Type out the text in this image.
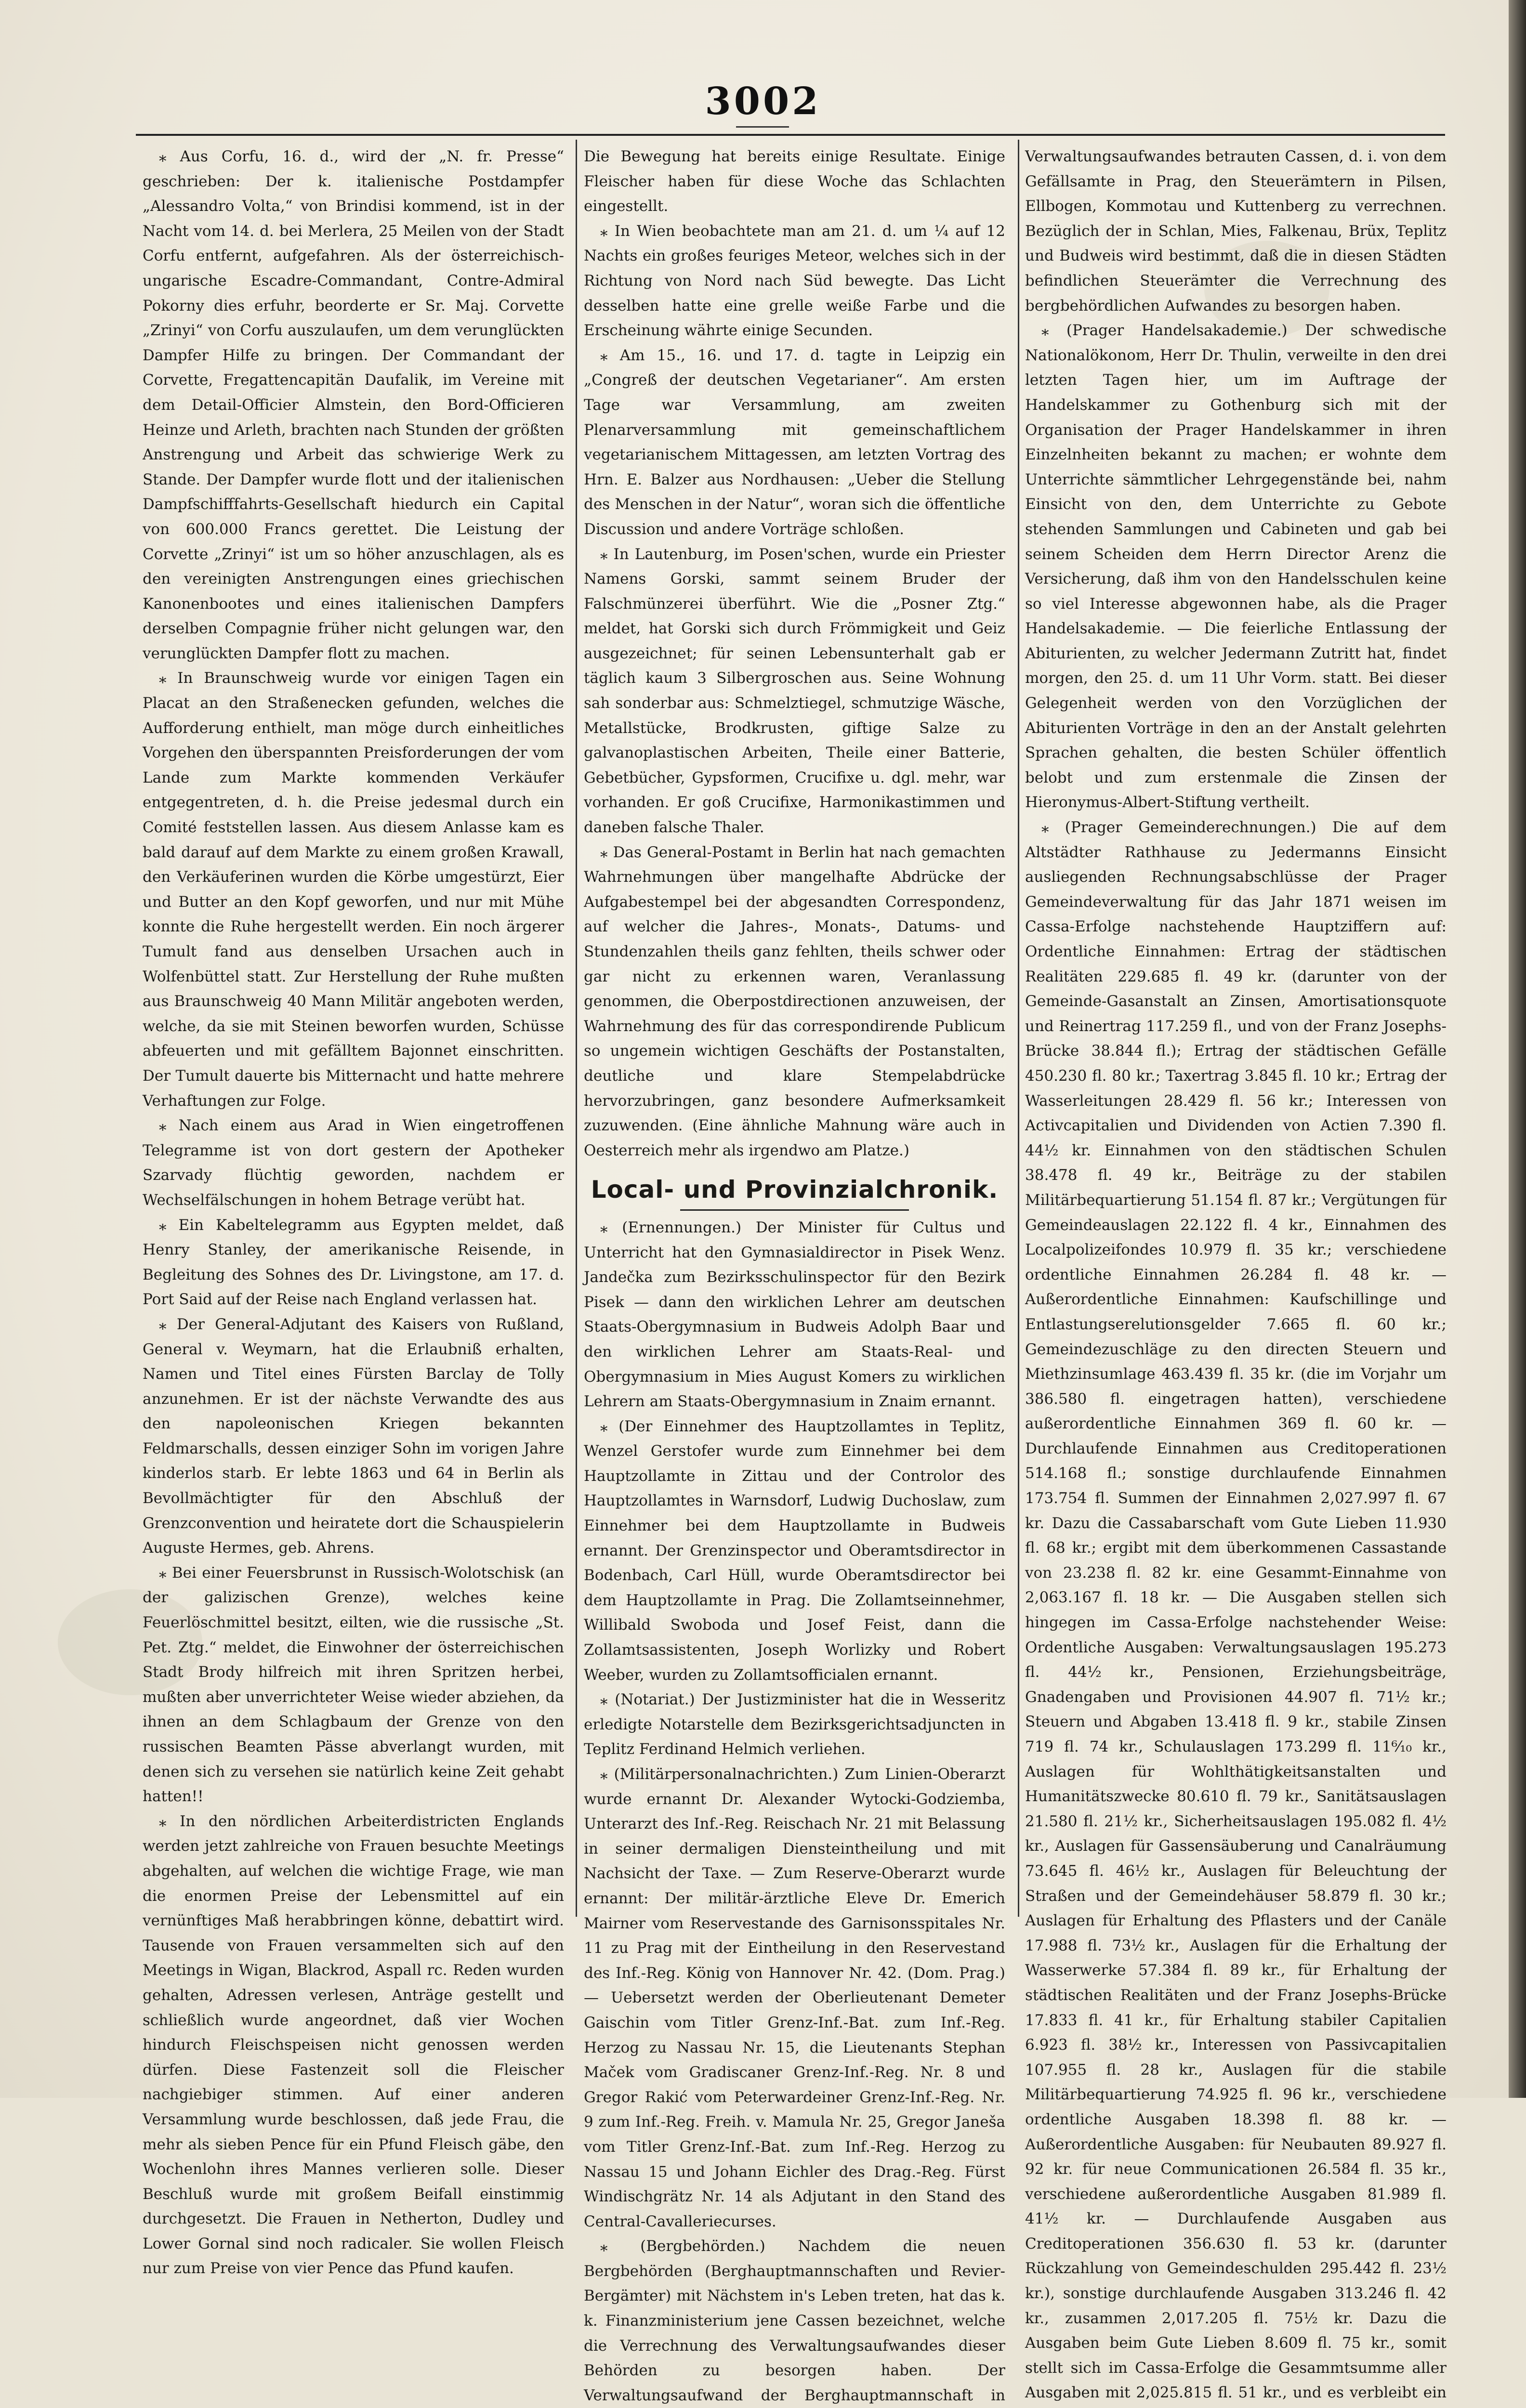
3002

⁎ Aus Corfu, 16. d., wird der „N. fr. Presse“ geschrieben: Der k. italienische Postdampfer „Alessandro Volta,“ von Brindisi kommend, ist in der Nacht vom 14. d. bei Merlera, 25 Meilen von der Stadt Corfu entfernt, aufgefahren. Als der österreichisch-ungarische Escadre-Commandant, Contre-Admiral Pokorny dies erfuhr, beorderte er Sr. Maj. Corvette „Zrinyi“ von Corfu auszulaufen, um dem verunglückten Dampfer Hilfe zu bringen. Der Commandant der Corvette, Fregattencapitän Daufalik, im Vereine mit dem Detail-Officier Almstein, den Bord-Officieren Heinze und Arleth, brachten nach Stunden der größten Anstrengung und Arbeit das schwierige Werk zu Stande. Der Dampfer wurde flott und der italienischen Dampfschifffahrts-Gesellschaft hiedurch ein Capital von 600.000 Francs gerettet. Die Leistung der Corvette „Zrinyi“ ist um so höher anzuschlagen, als es den vereinigten Anstrengungen eines griechischen Kanonenbootes und eines italienischen Dampfers derselben Compagnie früher nicht gelungen war, den verunglückten Dampfer flott zu machen.

⁎ In Braunschweig wurde vor einigen Tagen ein Placat an den Straßenecken gefunden, welches die Aufforderung enthielt, man möge durch einheitliches Vorgehen den überspannten Preisforderungen der vom Lande zum Markte kommenden Verkäufer entgegentreten, d. h. die Preise jedesmal durch ein Comité feststellen lassen. Aus diesem Anlasse kam es bald darauf auf dem Markte zu einem großen Krawall, den Verkäuferinen wurden die Körbe umgestürzt, Eier und Butter an den Kopf geworfen, und nur mit Mühe konnte die Ruhe hergestellt werden. Ein noch ärgerer Tumult fand aus denselben Ursachen auch in Wolfenbüttel statt. Zur Herstellung der Ruhe mußten aus Braunschweig 40 Mann Militär angeboten werden, welche, da sie mit Steinen beworfen wurden, Schüsse abfeuerten und mit gefälltem Bajonnet einschritten. Der Tumult dauerte bis Mitternacht und hatte mehrere Verhaftungen zur Folge.

⁎ Nach einem aus Arad in Wien eingetroffenen Telegramme ist von dort gestern der Apotheker Szarvady flüchtig geworden, nachdem er Wechselfälschungen in hohem Betrage verübt hat.

⁎ Ein Kabeltelegramm aus Egypten meldet, daß Henry Stanley, der amerikanische Reisende, in Begleitung des Sohnes des Dr. Livingstone, am 17. d. Port Said auf der Reise nach England verlassen hat.

⁎ Der General-Adjutant des Kaisers von Rußland, General v. Weymarn, hat die Erlaubniß erhalten, Namen und Titel eines Fürsten Barclay de Tolly anzunehmen. Er ist der nächste Verwandte des aus den napoleonischen Kriegen bekannten Feldmarschalls, dessen einziger Sohn im vorigen Jahre kinderlos starb. Er lebte 1863 und 64 in Berlin als Bevollmächtigter für den Abschluß der Grenzconvention und heiratete dort die Schauspielerin Auguste Hermes, geb. Ahrens.

⁎ Bei einer Feuersbrunst in Russisch-Wolotschisk (an der galizischen Grenze), welches keine Feuerlöschmittel besitzt, eilten, wie die russische „St. Pet. Ztg.“ meldet, die Einwohner der österreichischen Stadt Brody hilfreich mit ihren Spritzen herbei, mußten aber unverrichteter Weise wieder abziehen, da ihnen an dem Schlagbaum der Grenze von den russischen Beamten Pässe abverlangt wurden, mit denen sich zu versehen sie natürlich keine Zeit gehabt hatten!!

⁎ In den nördlichen Arbeiterdistricten Englands werden jetzt zahlreiche von Frauen besuchte Meetings abgehalten, auf welchen die wichtige Frage, wie man die enormen Preise der Lebensmittel auf ein vernünftiges Maß herabbringen könne, debattirt wird. Tausende von Frauen versammelten sich auf den Meetings in Wigan, Blackrod, Aspall rc. Reden wurden gehalten, Adressen verlesen, Anträge gestellt und schließlich wurde angeordnet, daß vier Wochen hindurch Fleischspeisen nicht genossen werden dürfen. Diese Fastenzeit soll die Fleischer nachgiebiger stimmen. Auf einer anderen Versammlung wurde beschlossen, daß jede Frau, die mehr als sieben Pence für ein Pfund Fleisch gäbe, den Wochenlohn ihres Mannes verlieren solle. Dieser Beschluß wurde mit großem Beifall einstimmig durchgesetzt. Die Frauen in Netherton, Dudley und Lower Gornal sind noch radicaler. Sie wollen Fleisch nur zum Preise von vier Pence das Pfund kaufen.

Die Bewegung hat bereits einige Resultate. Einige Fleischer haben für diese Woche das Schlachten eingestellt.

⁎ In Wien beobachtete man am 21. d. um ¼ auf 12 Nachts ein großes feuriges Meteor, welches sich in der Richtung von Nord nach Süd bewegte. Das Licht desselben hatte eine grelle weiße Farbe und die Erscheinung währte einige Secunden.

⁎ Am 15., 16. und 17. d. tagte in Leipzig ein „Congreß der deutschen Vegetarianer“. Am ersten Tage war Versammlung, am zweiten Plenarversammlung mit gemeinschaftlichem vegetarianischem Mittagessen, am letzten Vortrag des Hrn. E. Balzer aus Nordhausen: „Ueber die Stellung des Menschen in der Natur“, woran sich die öffentliche Discussion und andere Vorträge schloßen.

⁎ In Lautenburg, im Posen'schen, wurde ein Priester Namens Gorski, sammt seinem Bruder der Falschmünzerei überführt. Wie die „Posner Ztg.“ meldet, hat Gorski sich durch Frömmigkeit und Geiz ausgezeichnet; für seinen Lebensunterhalt gab er täglich kaum 3 Silbergroschen aus. Seine Wohnung sah sonderbar aus: Schmelztiegel, schmutzige Wäsche, Metallstücke, Brodkrusten, giftige Salze zu galvanoplastischen Arbeiten, Theile einer Batterie, Gebetbücher, Gypsformen, Crucifixe u. dgl. mehr, war vorhanden. Er goß Crucifixe, Harmonikastimmen und daneben falsche Thaler.

⁎ Das General-Postamt in Berlin hat nach gemachten Wahrnehmungen über mangelhafte Abdrücke der Aufgabestempel bei der abgesandten Correspondenz, auf welcher die Jahres-, Monats-, Datums- und Stundenzahlen theils ganz fehlten, theils schwer oder gar nicht zu erkennen waren, Veranlassung genommen, die Oberpostdirectionen anzuweisen, der Wahrnehmung des für das correspondirende Publicum so ungemein wichtigen Geschäfts der Postanstalten, deutliche und klare Stempelabdrücke hervorzubringen, ganz besondere Aufmerksamkeit zuzuwenden. (Eine ähnliche Mahnung wäre auch in Oesterreich mehr als irgendwo am Platze.)

Local- und Provinzialchronik.

⁎ (Ernennungen.) Der Minister für Cultus und Unterricht hat den Gymnasialdirector in Pisek Wenz. Jandečka zum Bezirksschulinspector für den Bezirk Pisek — dann den wirklichen Lehrer am deutschen Staats-Obergymnasium in Budweis Adolph Baar und den wirklichen Lehrer am Staats-Real- und Obergymnasium in Mies August Komers zu wirklichen Lehrern am Staats-Obergymnasium in Znaim ernannt.

⁎ (Der Einnehmer des Hauptzollamtes in Teplitz, Wenzel Gerstofer wurde zum Einnehmer bei dem Hauptzollamte in Zittau und der Controlor des Hauptzollamtes in Warnsdorf, Ludwig Duchoslaw, zum Einnehmer bei dem Hauptzollamte in Budweis ernannt. Der Grenzinspector und Oberamtsdirector in Bodenbach, Carl Hüll, wurde Oberamtsdirector bei dem Hauptzollamte in Prag. Die Zollamtseinnehmer, Willibald Swoboda und Josef Feist, dann die Zollamtsassistenten, Joseph Worlizky und Robert Weeber, wurden zu Zollamtsofficialen ernannt.

⁎ (Notariat.) Der Justizminister hat die in Wesseritz erledigte Notarstelle dem Bezirksgerichtsadjuncten in Teplitz Ferdinand Helmich verliehen.

⁎ (Militärpersonalnachrichten.) Zum Linien-Oberarzt wurde ernannt Dr. Alexander Wytocki-Godziemba, Unterarzt des Inf.-Reg. Reischach Nr. 21 mit Belassung in seiner dermaligen Diensteintheilung und mit Nachsicht der Taxe. — Zum Reserve-Oberarzt wurde ernannt: Der militär-ärztliche Eleve Dr. Emerich Mairner vom Reservestande des Garnisonsspitales Nr. 11 zu Prag mit der Eintheilung in den Reservestand des Inf.-Reg. König von Hannover Nr. 42. (Dom. Prag.) — Uebersetzt werden der Oberlieutenant Demeter Gaischin vom Titler Grenz-Inf.-Bat. zum Inf.-Reg. Herzog zu Nassau Nr. 15, die Lieutenants Stephan Maček vom Gradiscaner Grenz-Inf.-Reg. Nr. 8 und Gregor Rakić vom Peterwardeiner Grenz-Inf.-Reg. Nr. 9 zum Inf.-Reg. Freih. v. Mamula Nr. 25, Gregor Janeša vom Titler Grenz-Inf.-Bat. zum Inf.-Reg. Herzog zu Nassau 15 und Johann Eichler des Drag.-Reg. Fürst Windischgrätz Nr. 14 als Adjutant in den Stand des Central-Cavalleriecurses.

⁎ (Bergbehörden.) Nachdem die neuen Bergbehörden (Berghauptmannschaften und Revier-Bergämter) mit Nächstem in's Leben treten, hat das k. k. Finanzministerium jene Cassen bezeichnet, welche die Verrechnung des Verwaltungsaufwandes dieser Behörden zu besorgen haben. Der Verwaltungsaufwand der Berghauptmannschaft in

Verwaltungsaufwandes betrauten Cassen, d. i. von dem Gefällsamte in Prag, den Steuerämtern in Pilsen, Ellbogen, Kommotau und Kuttenberg zu verrechnen. Bezüglich der in Schlan, Mies, Falkenau, Brüx, Teplitz und Budweis wird bestimmt, daß die in diesen Städten befindlichen Steuerämter die Verrechnung des bergbehördlichen Aufwandes zu besorgen haben.

⁎ (Prager Handelsakademie.) Der schwedische Nationalökonom, Herr Dr. Thulin, verweilte in den drei letzten Tagen hier, um im Auftrage der Handelskammer zu Gothenburg sich mit der Organisation der Prager Handelskammer in ihren Einzelnheiten bekannt zu machen; er wohnte dem Unterrichte sämmtlicher Lehrgegenstände bei, nahm Einsicht von den, dem Unterrichte zu Gebote stehenden Sammlungen und Cabineten und gab bei seinem Scheiden dem Herrn Director Arenz die Versicherung, daß ihm von den Handelsschulen keine so viel Interesse abgewonnen habe, als die Prager Handelsakademie. — Die feierliche Entlassung der Abiturienten, zu welcher Jedermann Zutritt hat, findet morgen, den 25. d. um 11 Uhr Vorm. statt. Bei dieser Gelegenheit werden von den Vorzüglichen der Abiturienten Vorträge in den an der Anstalt gelehrten Sprachen gehalten, die besten Schüler öffentlich belobt und zum erstenmale die Zinsen der Hieronymus-Albert-Stiftung vertheilt.

⁎ (Prager Gemeinderechnungen.) Die auf dem Altstädter Rathhause zu Jedermanns Einsicht ausliegenden Rechnungsabschlüsse der Prager Gemeindeverwaltung für das Jahr 1871 weisen im Cassa-Erfolge nachstehende Hauptziffern auf: Ordentliche Einnahmen: Ertrag der städtischen Realitäten 229.685 fl. 49 kr. (darunter von der Gemeinde-Gasanstalt an Zinsen, Amortisationsquote und Reinertrag 117.259 fl., und von der Franz Josephs-Brücke 38.844 fl.); Ertrag der städtischen Gefälle 450.230 fl. 80 kr.; Taxertrag 3.845 fl. 10 kr.; Ertrag der Wasserleitungen 28.429 fl. 56 kr.; Interessen von Activcapitalien und Dividenden von Actien 7.390 fl. 44½ kr. Einnahmen von den städtischen Schulen 38.478 fl. 49 kr., Beiträge zu der stabilen Militärbequartierung 51.154 fl. 87 kr.; Vergütungen für Gemeindeauslagen 22.122 fl. 4 kr., Einnahmen des Localpolizeifondes 10.979 fl. 35 kr.; verschiedene ordentliche Einnahmen 26.284 fl. 48 kr. — Außerordentliche Einnahmen: Kaufschillinge und Entlastungserelutionsgelder 7.665 fl. 60 kr.; Gemeindezuschläge zu den directen Steuern und Miethzinsumlage 463.439 fl. 35 kr. (die im Vorjahr um 386.580 fl. eingetragen hatten), verschiedene außerordentliche Einnahmen 369 fl. 60 kr. — Durchlaufende Einnahmen aus Creditoperationen 514.168 fl.; sonstige durchlaufende Einnahmen 173.754 fl. Summen der Einnahmen 2,027.997 fl. 67 kr. Dazu die Cassabarschaft vom Gute Lieben 11.930 fl. 68 kr.; ergibt mit dem überkommenen Cassastande von 23.238 fl. 82 kr. eine Gesammt-Einnahme von 2,063.167 fl. 18 kr. — Die Ausgaben stellen sich hingegen im Cassa-Erfolge nachstehender Weise: Ordentliche Ausgaben: Verwaltungsauslagen 195.273 fl. 44½ kr., Pensionen, Erziehungsbeiträge, Gnadengaben und Provisionen 44.907 fl. 71½ kr.; Steuern und Abgaben 13.418 fl. 9 kr., stabile Zinsen 719 fl. 74 kr., Schulauslagen 173.299 fl. 11⁶⁄₁₀ kr., Auslagen für Wohlthätigkeitsanstalten und Humanitätszwecke 80.610 fl. 79 kr., Sanitätsauslagen 21.580 fl. 21½ kr., Sicherheitsauslagen 195.082 fl. 4½ kr., Auslagen für Gassensäuberung und Canalräumung 73.645 fl. 46½ kr., Auslagen für Beleuchtung der Straßen und der Gemeindehäuser 58.879 fl. 30 kr.; Auslagen für Erhaltung des Pflasters und der Canäle 17.988 fl. 73½ kr., Auslagen für die Erhaltung der Wasserwerke 57.384 fl. 89 kr., für Erhaltung der städtischen Realitäten und der Franz Josephs-Brücke 17.833 fl. 41 kr., für Erhaltung stabiler Capitalien 6.923 fl. 38½ kr., Interessen von Passivcapitalien 107.955 fl. 28 kr., Auslagen für die stabile Militärbequartierung 74.925 fl. 96 kr., verschiedene ordentliche Ausgaben 18.398 fl. 88 kr. — Außerordentliche Ausgaben: für Neubauten 89.927 fl. 92 kr. für neue Communicationen 26.584 fl. 35 kr., verschiedene außerordentliche Ausgaben 81.989 fl. 41½ kr. — Durchlaufende Ausgaben aus Creditoperationen 356.630 fl. 53 kr. (darunter Rückzahlung von Gemeindeschulden 295.442 fl. 23½ kr.), sonstige durchlaufende Ausgaben 313.246 fl. 42 kr., zusammen 2,017.205 fl. 75½ kr. Dazu die Ausgaben beim Gute Lieben 8.609 fl. 75 kr., somit stellt sich im Cassa-Erfolge die Gesammtsumme aller Ausgaben mit 2,025.815 fl. 51 kr., und es verbleibt ein
